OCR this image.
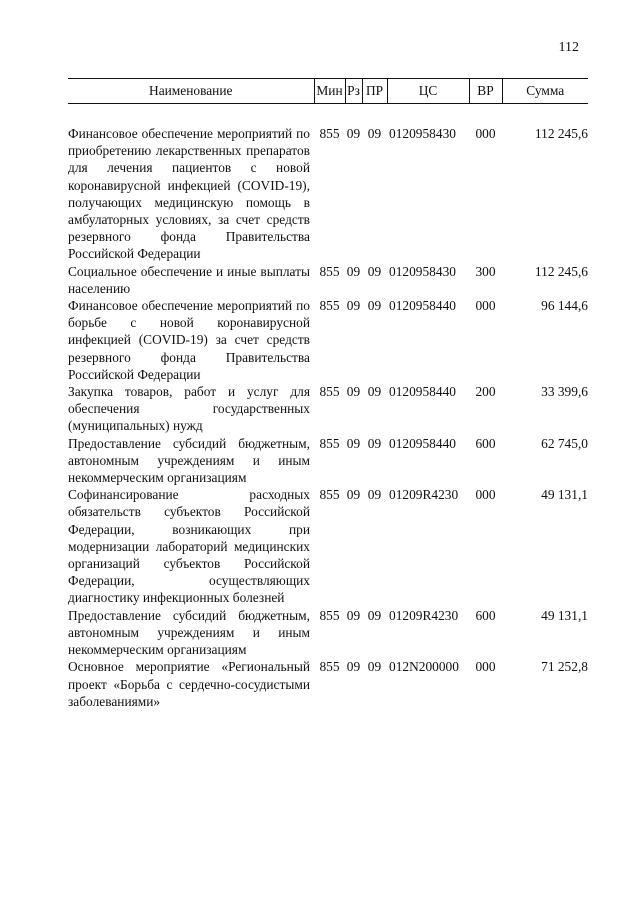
112
Наименование	Мин	Рз	ПР	ЦС	ВР	Сумма

Финансовое обеспечение мероприятий по приобретению лекарственных препаратов для лечения пациентов с новой коронавирусной инфекцией (COVID-19), получающих медицинскую помощь в амбулаторных условиях, за счет средств резервного фонда Правительства Российской Федерации	855	09	09	0120958430	000	112 245,6
Социальное обеспечение и иные выплаты населению	855	09	09	0120958430	300	112 245,6
Финансовое обеспечение мероприятий по борьбе с новой коронавирусной инфекцией (COVID-19) за счет средств резервного фонда Правительства Российской Федерации	855	09	09	0120958440	000	96 144,6
Закупка товаров, работ и услуг для обеспечения государственных (муниципальных) нужд	855	09	09	0120958440	200	33 399,6
Предоставление субсидий бюджетным, автономным учреждениям и иным некоммерческим организациям	855	09	09	0120958440	600	62 745,0
Софинансирование расходных обязательств субъектов Российской Федерации, возникающих при модернизации лабораторий медицинских организаций субъектов Российской Федерации, осуществляющих диагностику инфекционных болезней	855	09	09	01209R4230	000	49 131,1
Предоставление субсидий бюджетным, автономным учреждениям и иным некоммерческим организациям	855	09	09	01209R4230	600	49 131,1
Основное мероприятие «Региональный проект «Борьба с сердечно-сосудистыми заболеваниями»	855	09	09	012N200000	000	71 252,8
